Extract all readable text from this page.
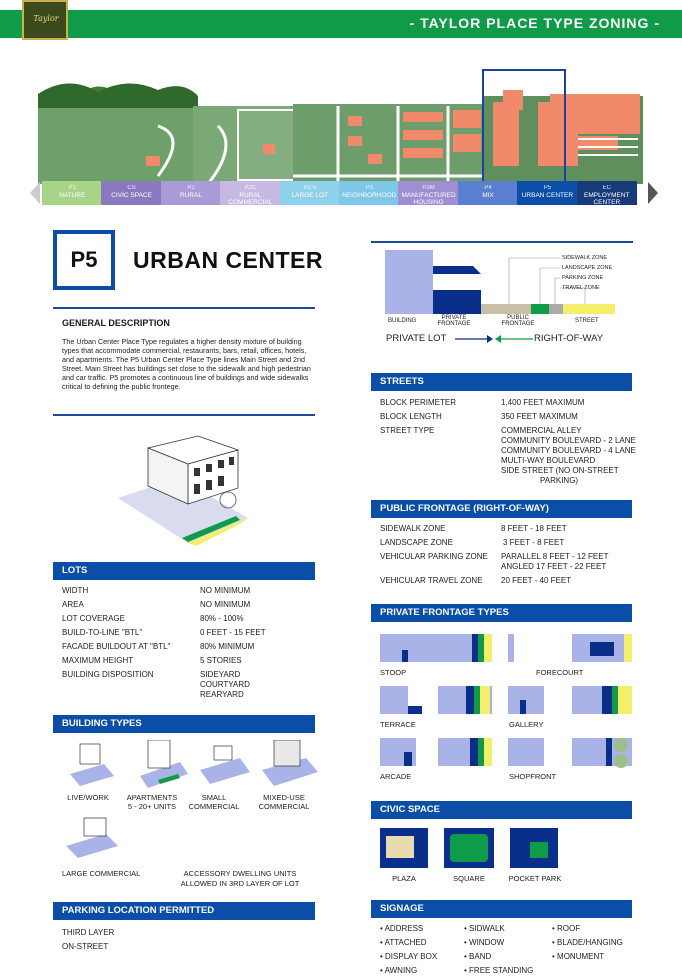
Taylor	- TAYLOR PLACE TYPE ZONING -
P1
NATURE
CS
CIVIC SPACE
P2
RURAL
P2C
RURAL COMMERCIAL
P2.5
LARGE LOT
P3
NEIGHBORHOOD
P3M
MANUFACTURED HOUSING
P4
MIX
P5
URBAN CENTER
EC
EMPLOYMENT CENTER
P5	URBAN CENTER
GENERAL DESCRIPTION
The Urban Center Place Type regulates a higher density mixture of building types that accommodate commercial, restaurants, bars, retail, offices, hotels, and apartments. The P5 Urban Center Place Type lines Main Street and 2nd Street. Main Street has buildings set close to the sidewalk and high pedestrian and car traffic. P5 promotes a continuous line of buildings and wide sidewalks critical to defining the public frontege.
SIDEWALK ZONE
LANDSCAPE ZONE
PARKING ZONE
TRAVEL ZONE
BUILDING	PRIVATE FRONTAGE
PUBLIC FRONTAGE	STREET
PRIVATE LOT	RIGHT-OF-WAY
STREETS
BLOCK PERIMETER	1,400 FEET MAXIMUM
BLOCK LENGTH	350 FEET MAXIMUM
STREET TYPE	COMMERCIAL ALLEY
COMMUNITY BOULEVARD - 2 LANE
COMMUNITY BOULEVARD - 4 LANE
MULTI-WAY BOULEVARD
SIDE STREET (NO ON-STREET
PARKING)
PUBLIC FRONTAGE (RIGHT-OF-WAY)
SIDEWALK ZONE	8 FEET - 18 FEET
LANDSCAPE ZONE	3 FEET - 8 FEET
VEHICULAR PARKING ZONE PARALLEL 8 FEET - 12 FEET
ANGLED 17 FEET - 22 FEET
VEHICULAR TRAVEL ZONE 20 FEET - 40 FEET
PRIVATE FRONTAGE TYPES
STOOP	FORECOURT
TERRACE	GALLERY
ARCADE	SHOPFRONT
CIVIC SPACE
PLAZA	SQUARE	POCKET PARK
SIGNAGE
• ADDRESS
• ATTACHED
• DISPLAY BOX
• AWNING
• SIDWALK
• WINDOW
• BAND
• FREE STANDING
• ROOF
• BLADE/HANGING
• MONUMENT
LOTS
WIDTH	NO MINIMUM
AREA	NO MINIMUM
LOT COVERAGE	80% - 100%
BUILD-TO-LINE "BTL"	0 FEET - 15 FEET
FACADE BUILDOUT AT "BTL"	80% MINIMUM
MAXIMUM HEIGHT	5 STORIES
BUILDING DISPOSITION	SIDEYARD
COURTYARD
REARYARD
BUILDING TYPES
LIVE/WORK	APARTMENTS
5 - 20+ UNITS
SMALL
COMMERCIAL
MIXED-USE
COMMERCIAL
LARGE COMMERCIAL	ACCESSORY DWELLING UNITS
ALLOWED IN 3RD LAYER OF LOT
PARKING LOCATION PERMITTED
THIRD LAYER
ON-STREET
